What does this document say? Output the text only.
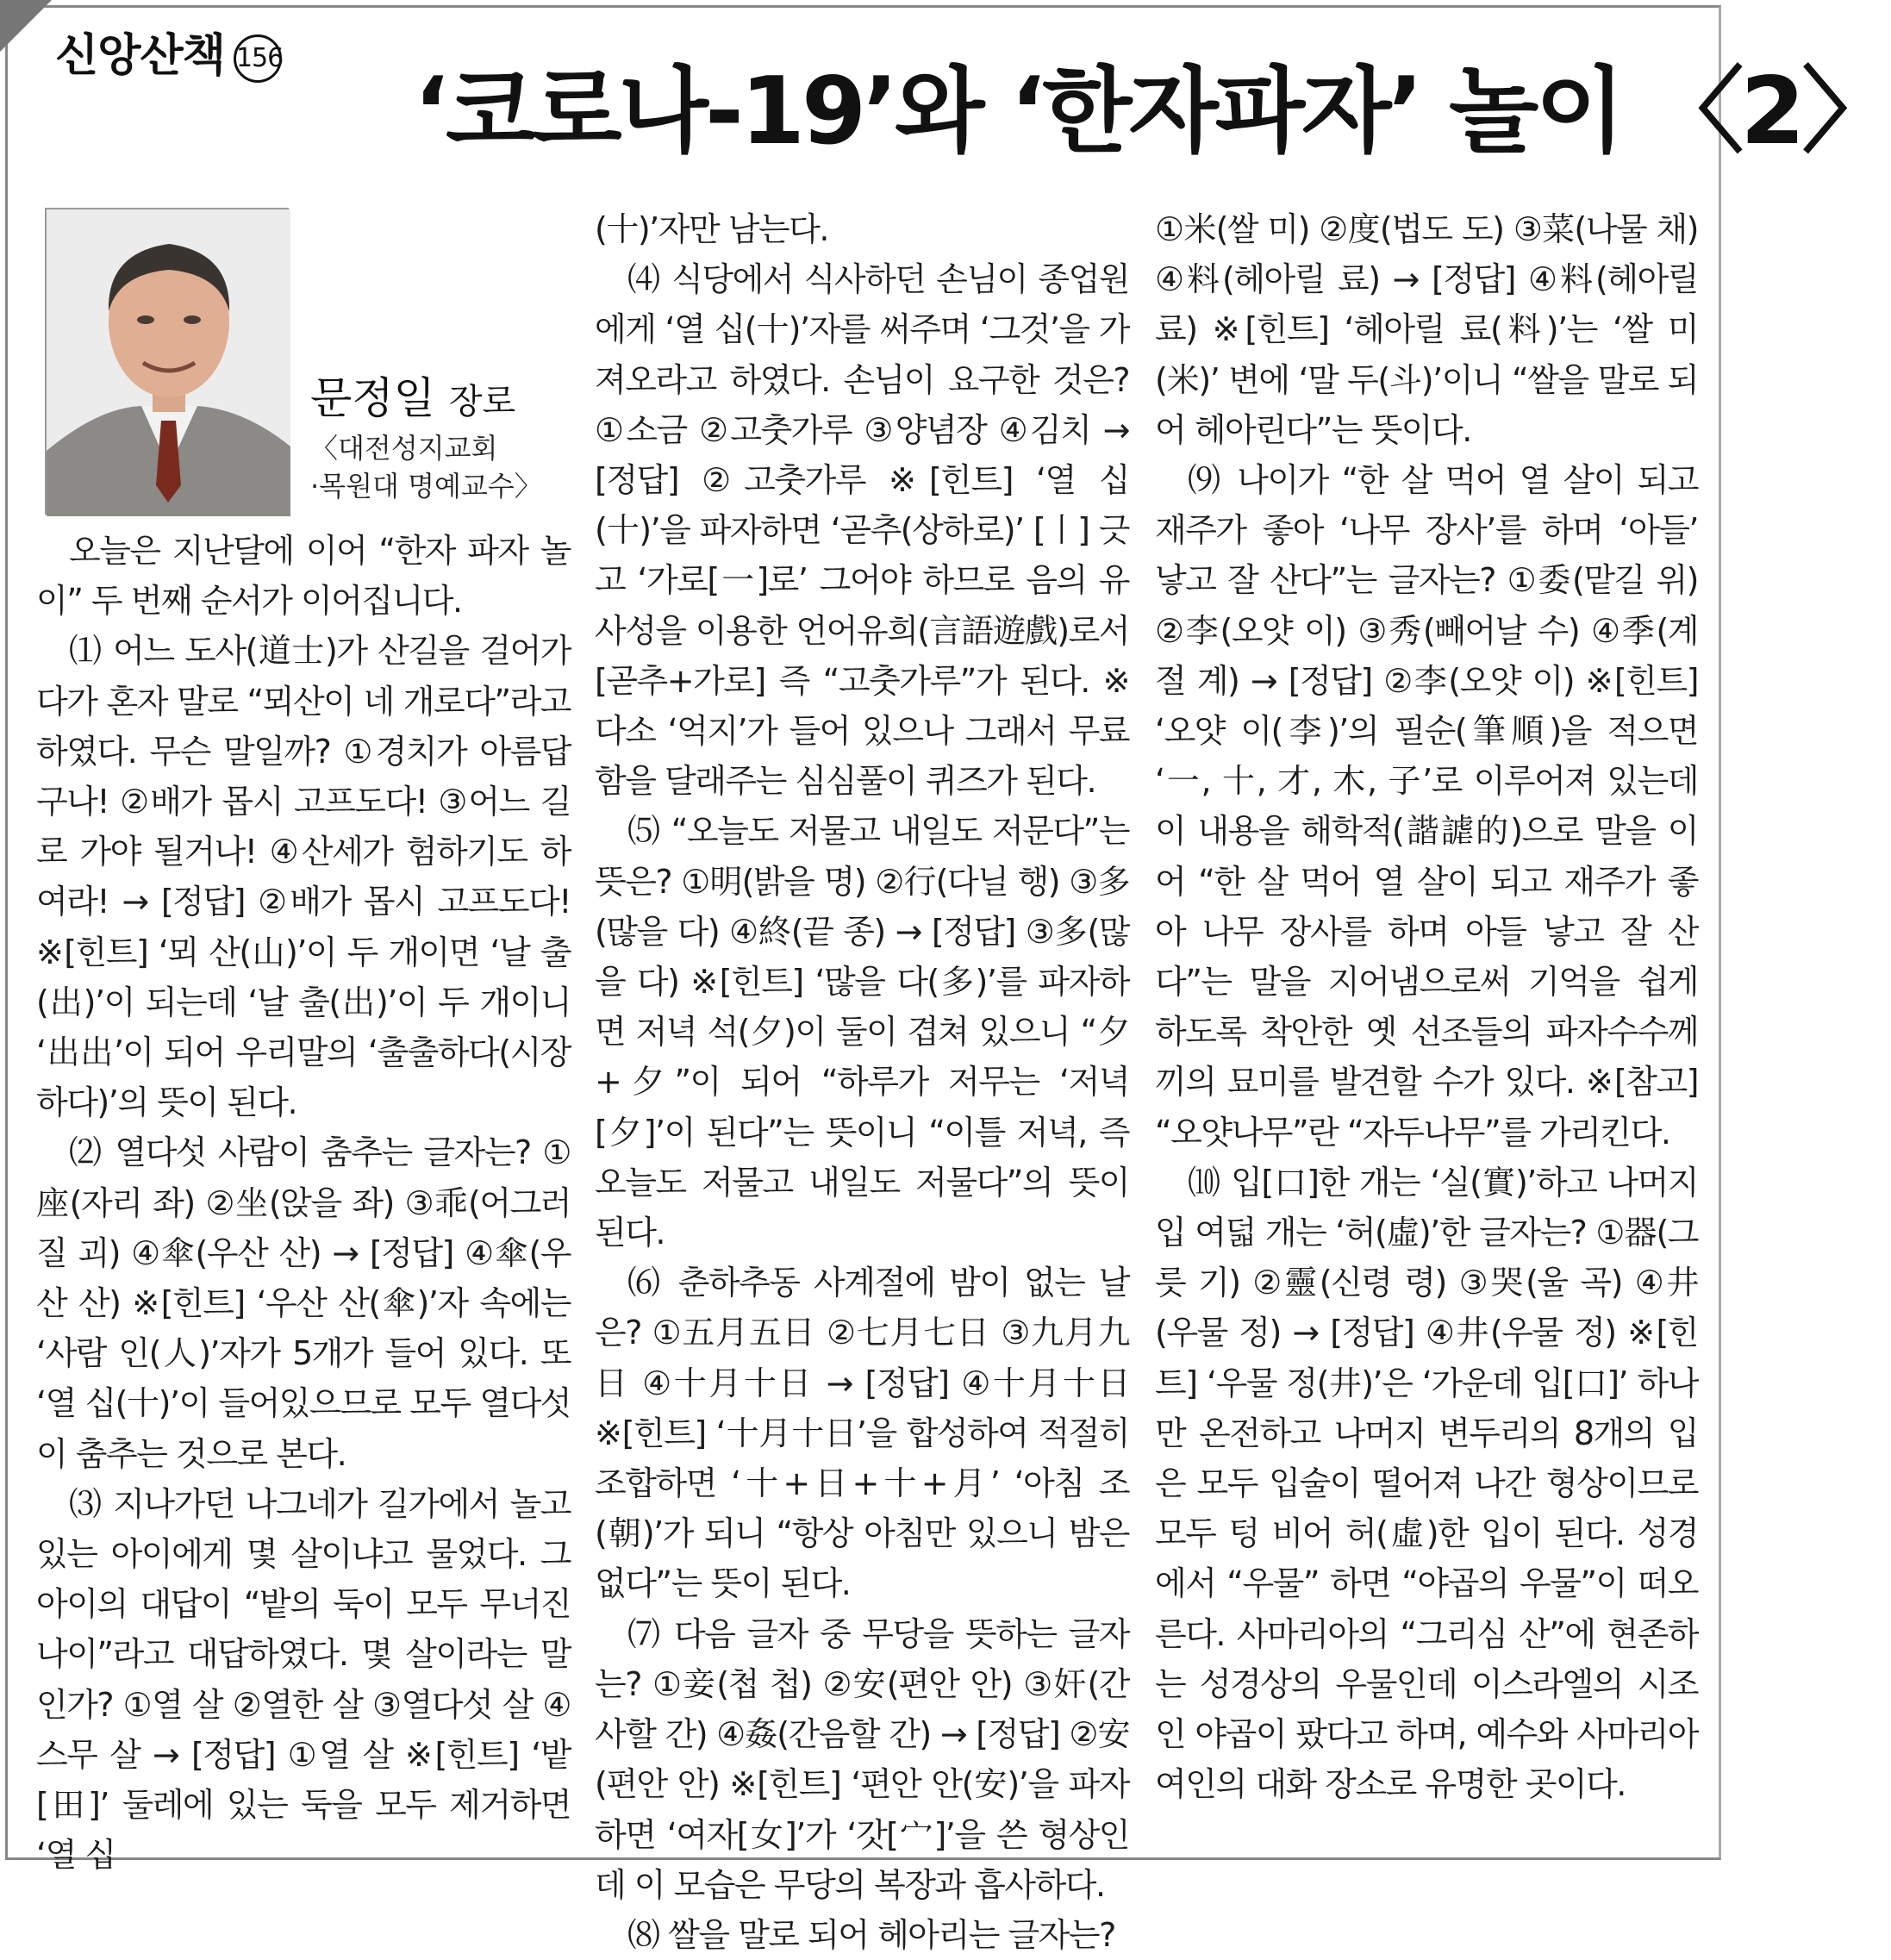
신앙산책 156 ‘코로나-19’와 ‘한자파자’ 놀이 〈2〉
문정일 장로
〈대전성지교회
·목원대 명예교수〉

오늘은 지난달에 이어 “한자 파자 놀이” 두 번째 순서가 이어집니다.

⑴ 어느 도사(道士)가 산길을 걸어가다가 혼자 말로 “뫼산이 네 개로다”라고 하였다. 무슨 말일까? ①경치가 아름답구나! ②배가 몹시 고프도다! ③어느 길로 가야 될거나! ④산세가 험하기도 하여라! → [정답] ②배가 몹시 고프도다! ※[힌트] ‘뫼 산(山)’이 두 개이면 ‘날 출(出)’이 되는데 ‘날 출(出)’이 두 개이니 ‘出出’이 되어 우리말의 ‘출출하다(시장하다)’의 뜻이 된다.

⑵ 열다섯 사람이 춤추는 글자는? ①座(자리 좌) ②坐(앉을 좌) ③乖(어그러질 괴) ④傘(우산 산) → [정답] ④傘(우산 산) ※[힌트] ‘우산 산(傘)’자 속에는 ‘사람 인(人)’자가 5개가 들어 있다. 또 ‘열 십(十)’이 들어있으므로 모두 열다섯이 춤추는 것으로 본다.

⑶ 지나가던 나그네가 길가에서 놀고 있는 아이에게 몇 살이냐고 물었다. 그 아이의 대답이 “밭의 둑이 모두 무너진 나이”라고 대답하였다. 몇 살이라는 말인가? ①열 살 ②열한 살 ③열다섯 살 ④스무 살 → [정답] ①열 살 ※[힌트] ‘밭[田]’ 둘레에 있는 둑을 모두 제거하면 ‘열 십

(十)’자만 남는다.

⑷ 식당에서 식사하던 손님이 종업원에게 ‘열 십(十)’자를 써주며 ‘그것’을 가져오라고 하였다. 손님이 요구한 것은? ①소금 ②고춧가루 ③양념장 ④김치 → [정답] ②고춧가루 ※[힌트] ‘열 십(十)’을 파자하면 ‘곧추(상하로)’ [丨] 긋고 ‘가로[一]로’ 그어야 하므로 음의 유사성을 이용한 언어유희(言語遊戲)로서 [곧추+가로] 즉 “고춧가루”가 된다. ※다소 ‘억지’가 들어 있으나 그래서 무료함을 달래주는 심심풀이 퀴즈가 된다.

⑸ “오늘도 저물고 내일도 저문다”는 뜻은? ①明(밝을 명) ②行(다닐 행) ③多(많을 다) ④終(끝 종) → [정답] ③多(많을 다) ※[힌트] ‘많을 다(多)’를 파자하면 저녁 석(夕)이 둘이 겹쳐 있으니 “夕+夕”이 되어 “하루가 저무는 ‘저녁[夕]’이 된다”는 뜻이니 “이틀 저녁, 즉 오늘도 저물고 내일도 저물다”의 뜻이 된다.

⑹ 춘하추동 사계절에 밤이 없는 날은? ①五月五日 ②七月七日 ③九月九日 ④十月十日 → [정답] ④十月十日 ※[힌트] ‘十月十日’을 합성하여 적절히 조합하면 ‘十+日+十+月’ ‘아침 조(朝)’가 되니 “항상 아침만 있으니 밤은 없다”는 뜻이 된다.

⑺ 다음 글자 중 무당을 뜻하는 글자는? ①妾(첩 첩) ②安(편안 안) ③奸(간사할 간) ④姦(간음할 간) → [정답] ②安(편안 안) ※[힌트] ‘편안 안(安)’을 파자하면 ‘여자[女]’가 ‘갓[宀]’을 쓴 형상인데 이 모습은 무당의 복장과 흡사하다.

⑻ 쌀을 말로 되어 헤아리는 글자는?

①米(쌀 미) ②度(법도 도) ③菜(나물 채) ④料(헤아릴 료) → [정답] ④料(헤아릴 료) ※[힌트] ‘헤아릴 료(料)’는 ‘쌀 미(米)’ 변에 ‘말 두(斗)’이니 “쌀을 말로 되어 헤아린다”는 뜻이다.

⑼ 나이가 “한 살 먹어 열 살이 되고 재주가 좋아 ‘나무 장사’를 하며 ‘아들’ 낳고 잘 산다”는 글자는? ①委(맡길 위) ②李(오얏 이) ③秀(빼어날 수) ④季(계절 계) → [정답] ②李(오얏 이) ※[힌트] ‘오얏 이(李)’의 필순(筆順)을 적으면 ‘一, 十, 才, 木, 子’로 이루어져 있는데 이 내용을 해학적(諧謔的)으로 말을 이어 “한 살 먹어 열 살이 되고 재주가 좋아 나무 장사를 하며 아들 낳고 잘 산다”는 말을 지어냄으로써 기억을 쉽게 하도록 착안한 옛 선조들의 파자수수께끼의 묘미를 발견할 수가 있다. ※[참고] “오얏나무”란 “자두나무”를 가리킨다.

⑽ 입[口]한 개는 ‘실(實)’하고 나머지 입 여덟 개는 ‘허(虛)’한 글자는? ①器(그릇 기) ②靈(신령 령) ③哭(울 곡) ④井(우물 정) → [정답] ④井(우물 정) ※[힌트] ‘우물 정(井)’은 ‘가운데 입[口]’ 하나만 온전하고 나머지 변두리의 8개의 입은 모두 입술이 떨어져 나간 형상이므로 모두 텅 비어 허(虛)한 입이 된다. 성경에서 “우물” 하면 “야곱의 우물”이 떠오른다. 사마리아의 “그리심 산”에 현존하는 성경상의 우물인데 이스라엘의 시조인 야곱이 팠다고 하며, 예수와 사마리아 여인의 대화 장소로 유명한 곳이다.
